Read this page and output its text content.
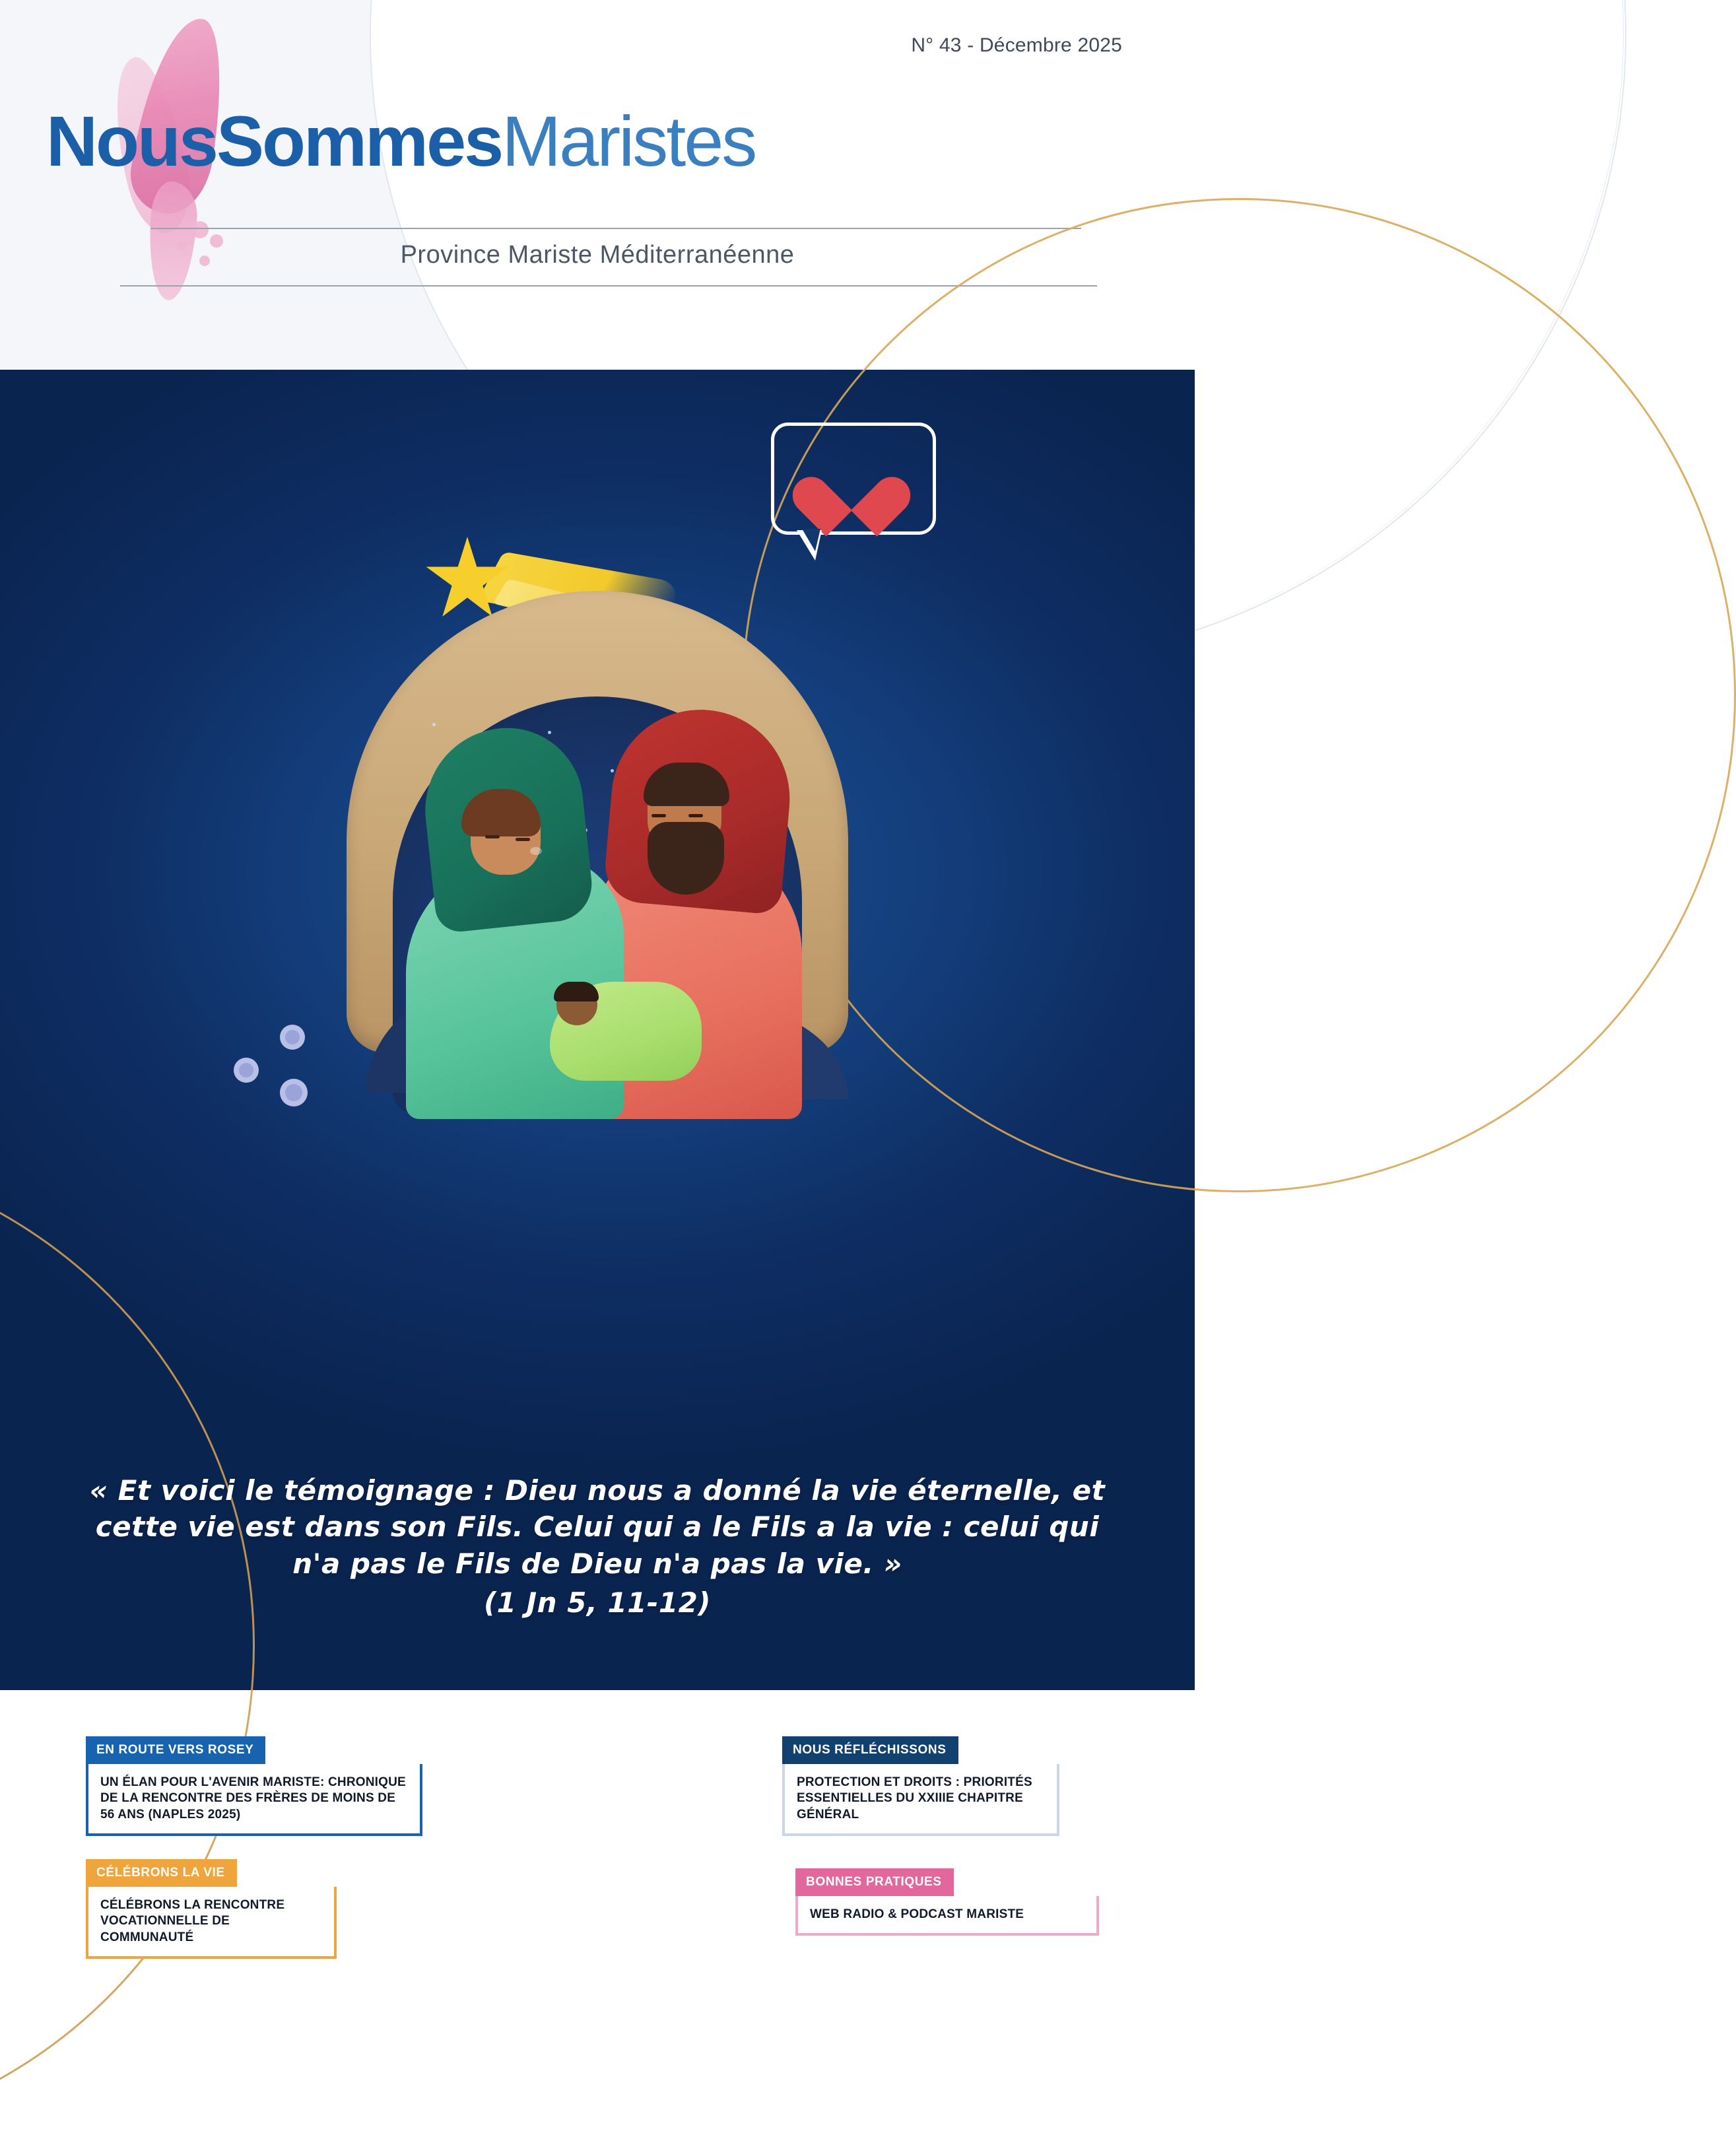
N° 43 - Décembre 2025
NousSommesMaristes
Province Mariste Méditerranéenne
« Et voici le témoignage : Dieu nous a donné la vie éternelle, et cette vie est dans son Fils. Celui qui a le Fils a la vie : celui qui n'a pas le Fils de Dieu n'a pas la vie. »
(1 Jn 5, 11-12)
EN ROUTE VERS ROSEY
UN ÉLAN POUR L'AVENIR MARISTE: CHRONIQUE DE LA RENCONTRE DES FRÈRES DE MOINS DE 56 ANS (NAPLES 2025)
CÉLÉBRONS LA VIE
CÉLÉBRONS LA RENCONTRE VOCATIONNELLE DE COMMUNAUTÉ
NOUS RÉFLÉCHISSONS
PROTECTION ET DROITS : PRIORITÉS ESSENTIELLES DU XXIIIE CHAPITRE GÉNÉRAL
BONNES PRATIQUES
WEB RADIO & PODCAST MARISTE
